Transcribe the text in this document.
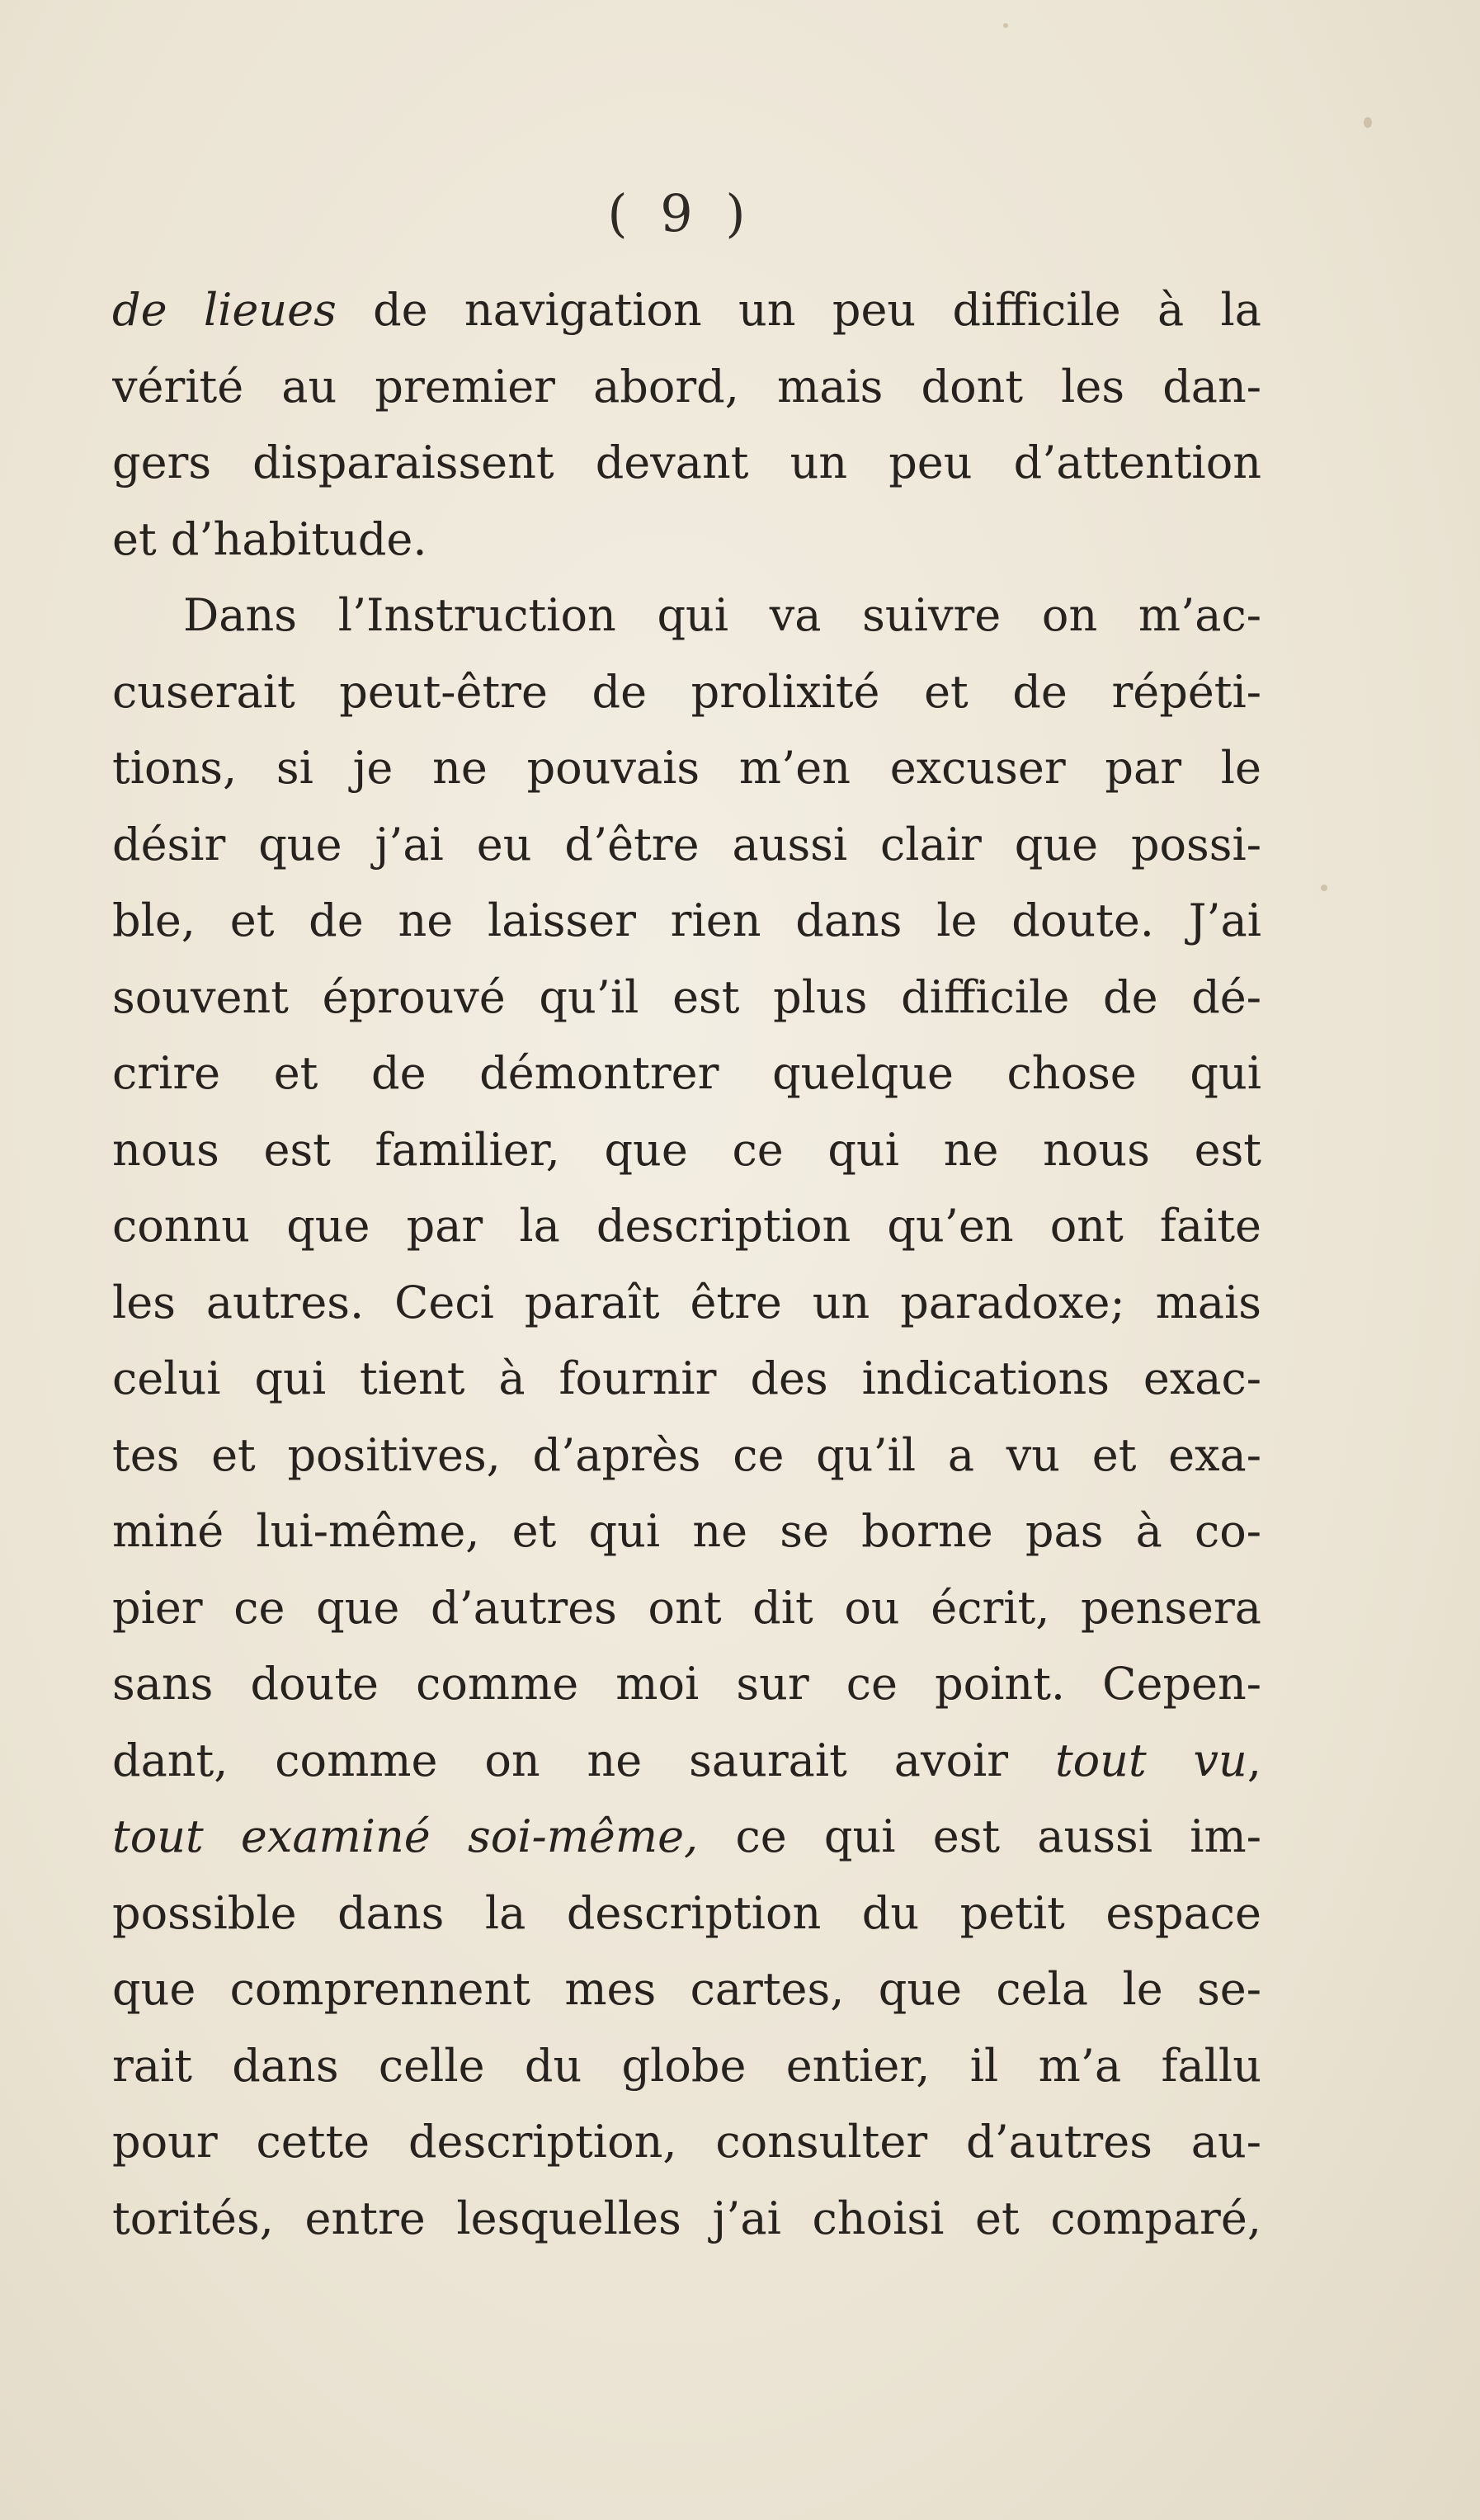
( 9 )
de lieues de navigation un peu difficile à la
vérité au premier abord, mais dont les dan-
gers disparaissent devant un peu d’attention
et d’habitude.
Dans l’Instruction qui va suivre on m’ac-
cuserait peut-être de prolixité et de répéti-
tions, si je ne pouvais m’en excuser par le
désir que j’ai eu d’être aussi clair que possi-
ble, et de ne laisser rien dans le doute. J’ai
souvent éprouvé qu’il est plus difficile de dé-
crire et de démontrer quelque chose qui
nous est familier, que ce qui ne nous est
connu que par la description qu’en ont faite
les autres. Ceci paraît être un paradoxe; mais
celui qui tient à fournir des indications exac-
tes et positives, d’après ce qu’il a vu et exa-
miné lui-même, et qui ne se borne pas à co-
pier ce que d’autres ont dit ou écrit, pensera
sans doute comme moi sur ce point. Cepen-
dant, comme on ne saurait avoir tout vu,
tout examiné soi-même, ce qui est aussi im-
possible dans la description du petit espace
que comprennent mes cartes, que cela le se-
rait dans celle du globe entier, il m’a fallu
pour cette description, consulter d’autres au-
torités, entre lesquelles j’ai choisi et comparé,
